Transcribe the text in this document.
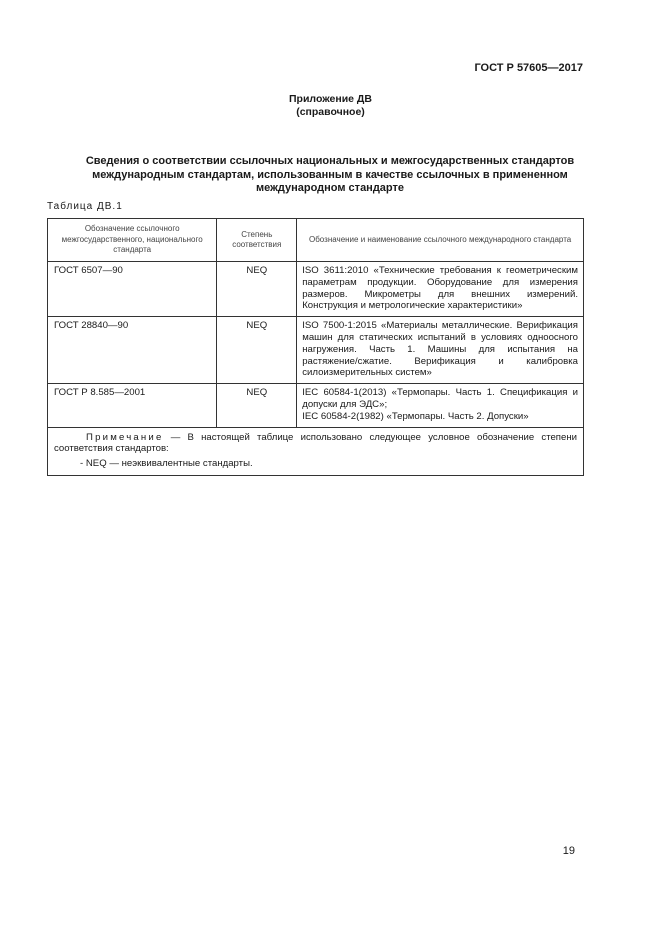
ГОСТ Р 57605—2017
Приложение ДВ
(справочное)
Сведения о соответствии ссылочных национальных и межгосударственных стандартов международным стандартам, использованным в качестве ссылочных в примененном международном стандарте
Таблица ДВ.1
Обозначение ссылочного межгосударственного, национального стандарта	Степень соответствия	Обозначение и наименование ссылочного международного стандарта
ГОСТ 6507—90	NEQ	ISO 3611:2010 «Технические требования к геометрическим параметрам продукции. Оборудование для измерения размеров. Микрометры для внешних измерений. Конструкция и метрологические характеристики»

ГОСТ 28840—90	NEQ	ISO 7500-1:2015 «Материалы металлические. Верификация машин для статических испытаний в условиях одноосного нагружения. Часть 1. Машины для испытания на растяжение/сжатие. Верификация и калибровка силоизмерительных систем»

ГОСТ Р 8.585—2001	NEQ	IEC 60584-1(2013) «Термопары. Часть 1. Спецификация и допуски для ЭДС»;
IEC 60584-2(1982) «Термопары. Часть 2. Допуски»

Примечание — В настоящей таблице использовано следующее условное обозначение степени соответствия стандартов:
- NEQ — неэквивалентные стандарты.		
19
